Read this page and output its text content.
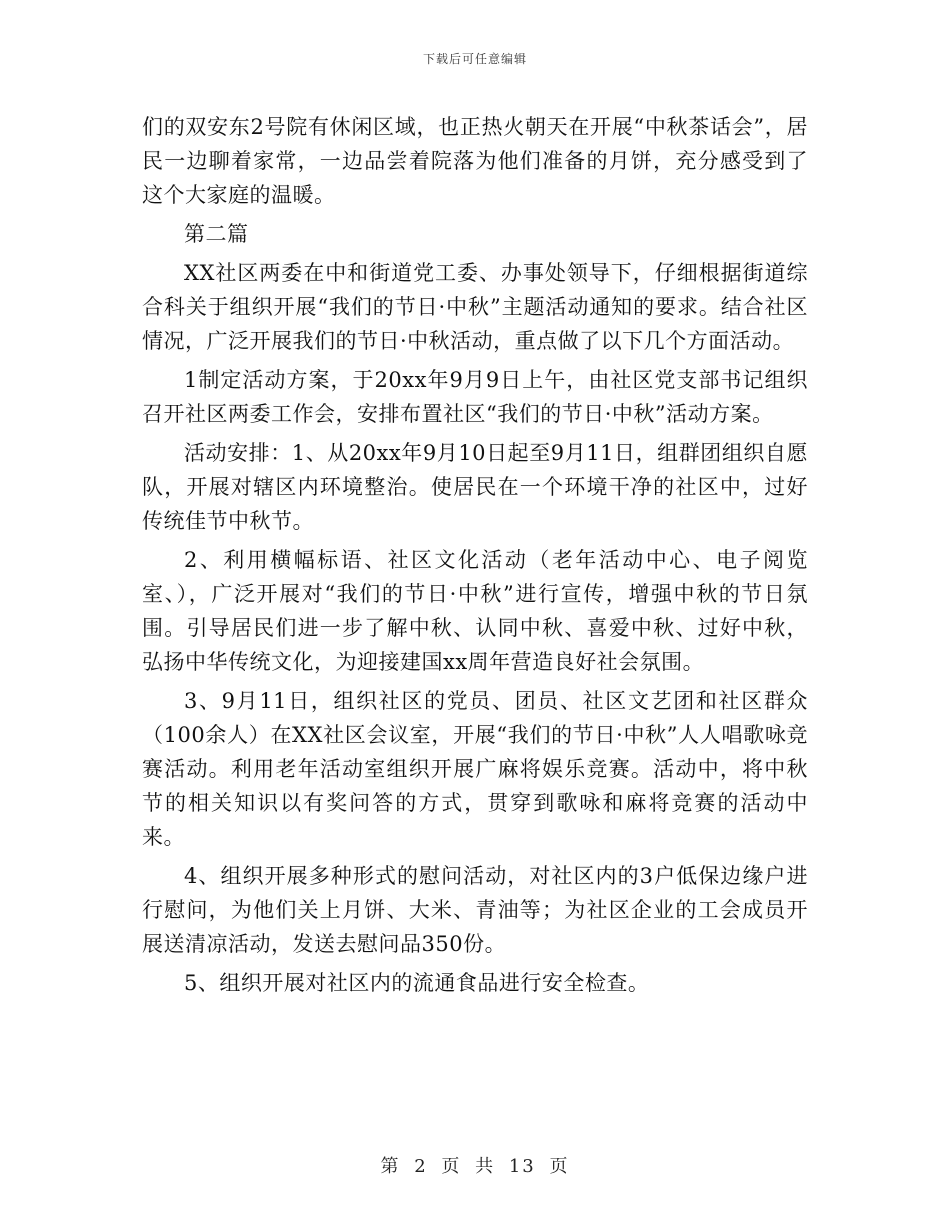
下载后可任意编辑

们的双安东2号院有休闲区域，也正热火朝天在开展“中秋茶话会”，居民一边聊着家常，一边品尝着院落为他们准备的月饼，充分感受到了这个大家庭的温暖。

第二篇

XX社区两委在中和街道党工委、办事处领导下，仔细根据街道综合科关于组织开展“我们的节日·中秋”主题活动通知的要求。结合社区情况，广泛开展我们的节日·中秋活动，重点做了以下几个方面活动。

1制定活动方案，于20xx年9月9日上午，由社区党支部书记组织召开社区两委工作会，安排布置社区“我们的节日·中秋”活动方案。

活动安排：1、从20xx年9月10日起至9月11日，组群团组织自愿队，开展对辖区内环境整治。使居民在一个环境干净的社区中，过好传统佳节中秋节。

2、利用横幅标语、社区文化活动（老年活动中心、电子阅览室、），广泛开展对“我们的节日·中秋”进行宣传，增强中秋的节日氛围。引导居民们进一步了解中秋、认同中秋、喜爱中秋、过好中秋，弘扬中华传统文化，为迎接建国xx周年营造良好社会氛围。

3、9月11日，组织社区的党员、团员、社区文艺团和社区群众（100余人）在XX社区会议室，开展“我们的节日·中秋”人人唱歌咏竞赛活动。利用老年活动室组织开展广麻将娱乐竞赛。活动中，将中秋节的相关知识以有奖问答的方式，贯穿到歌咏和麻将竞赛的活动中来。

4、组织开展多种形式的慰问活动，对社区内的3户低保边缘户进行慰问，为他们关上月饼、大米、青油等；为社区企业的工会成员开展送清凉活动，发送去慰问品350份。

5、组织开展对社区内的流通食品进行安全检查。

第 2 页 共 13 页
